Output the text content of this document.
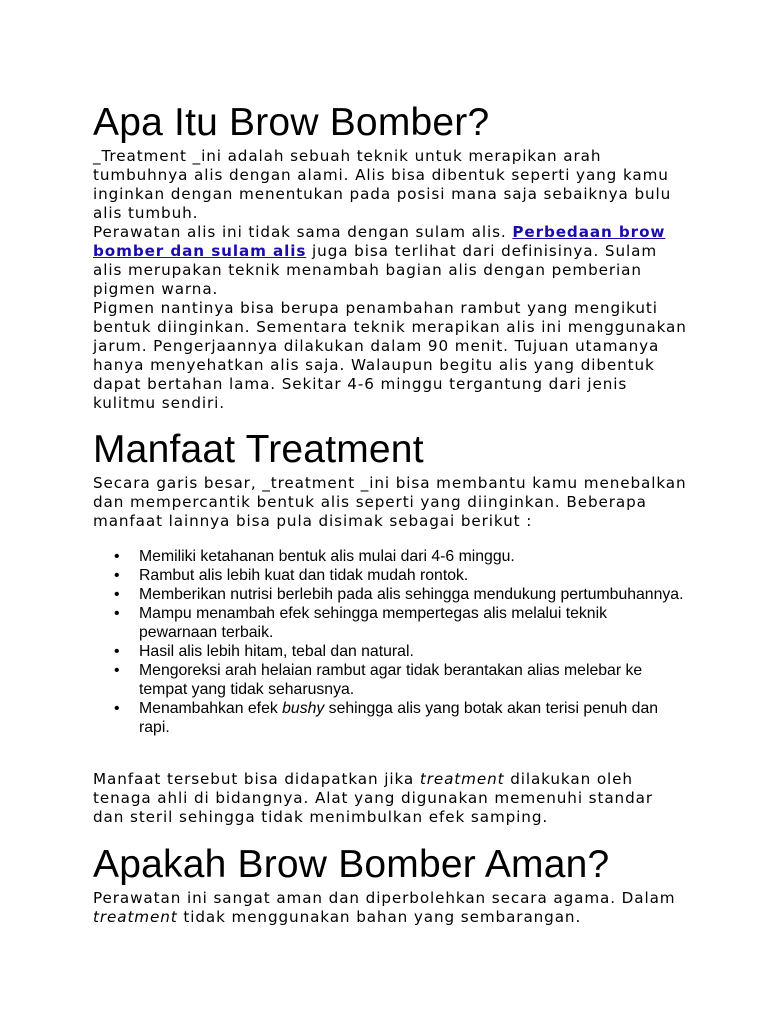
Apa Itu Brow Bomber?

_Treatment _ini adalah sebuah teknik untuk merapikan arah tumbuhnya alis dengan alami. Alis bisa dibentuk seperti yang kamu inginkan dengan menentukan pada posisi mana saja sebaiknya bulu alis tumbuh.

Perawatan alis ini tidak sama dengan sulam alis. Perbedaan brow bomber dan sulam alis juga bisa terlihat dari definisinya. Sulam alis merupakan teknik menambah bagian alis dengan pemberian pigmen warna.

Pigmen nantinya bisa berupa penambahan rambut yang mengikuti bentuk diinginkan. Sementara teknik merapikan alis ini menggunakan jarum. Pengerjaannya dilakukan dalam 90 menit. Tujuan utamanya hanya menyehatkan alis saja. Walaupun begitu alis yang dibentuk dapat bertahan lama. Sekitar 4-6 minggu tergantung dari jenis kulitmu sendiri.

Manfaat Treatment

Secara garis besar, _treatment _ini bisa membantu kamu menebalkan dan mempercantik bentuk alis seperti yang diinginkan. Beberapa manfaat lainnya bisa pula disimak sebagai berikut :

• Memiliki ketahanan bentuk alis mulai dari 4-6 minggu.
• Rambut alis lebih kuat dan tidak mudah rontok.
• Memberikan nutrisi berlebih pada alis sehingga mendukung pertumbuhannya.
• Mampu menambah efek sehingga mempertegas alis melalui teknik pewarnaan terbaik.
• Hasil alis lebih hitam, tebal dan natural.
• Mengoreksi arah helaian rambut agar tidak berantakan alias melebar ke tempat yang tidak seharusnya.
• Menambahkan efek bushy sehingga alis yang botak akan terisi penuh dan rapi.

Manfaat tersebut bisa didapatkan jika treatment dilakukan oleh tenaga ahli di bidangnya. Alat yang digunakan memenuhi standar dan steril sehingga tidak menimbulkan efek samping.

Apakah Brow Bomber Aman?

Perawatan ini sangat aman dan diperbolehkan secara agama. Dalam treatment tidak menggunakan bahan yang sembarangan.
